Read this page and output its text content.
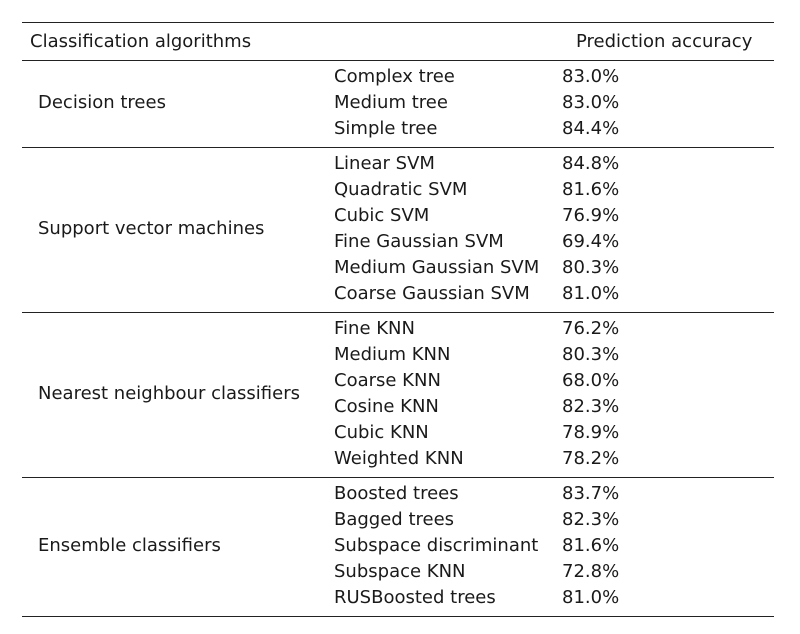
Classification algorithms	Prediction accuracy
Decision trees
Complex tree	83.0%
Medium tree	83.0%
Simple tree	84.4%
Support vector machines
Linear SVM	84.8%
Quadratic SVM	81.6%
Cubic SVM	76.9%
Fine Gaussian SVM	69.4%
Medium Gaussian SVM 80.3%
Coarse Gaussian SVM 81.0%
Nearest neighbour classifiers
Fine KNN	76.2%
Medium KNN	80.3%
Coarse KNN	68.0%
Cosine KNN	82.3%
Cubic KNN	78.9%
Weighted KNN	78.2%
Ensemble classifiers
Boosted trees	83.7%
Bagged trees	82.3%
Subspace discriminant 81.6%
Subspace KNN	72.8%
RUSBoosted trees	81.0%
